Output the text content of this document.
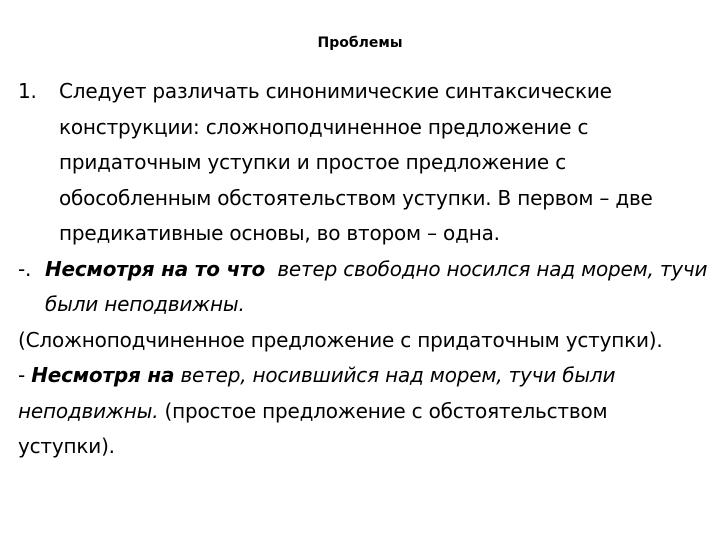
Проблемы
1. Следует различать синонимические синтаксические конструкции: сложноподчиненное предложение с придаточным уступки и простое предложение с обособленным обстоятельством уступки. В первом – две предикативные основы, во втором – одна.
-. Несмотря на то что ветер свободно носился над морем, тучи были неподвижны.

(Сложноподчиненное предложение с придаточным уступки).

- Несмотря на ветер, носившийся над морем, тучи были неподвижны. (простое предложение с обстоятельством уступки).
